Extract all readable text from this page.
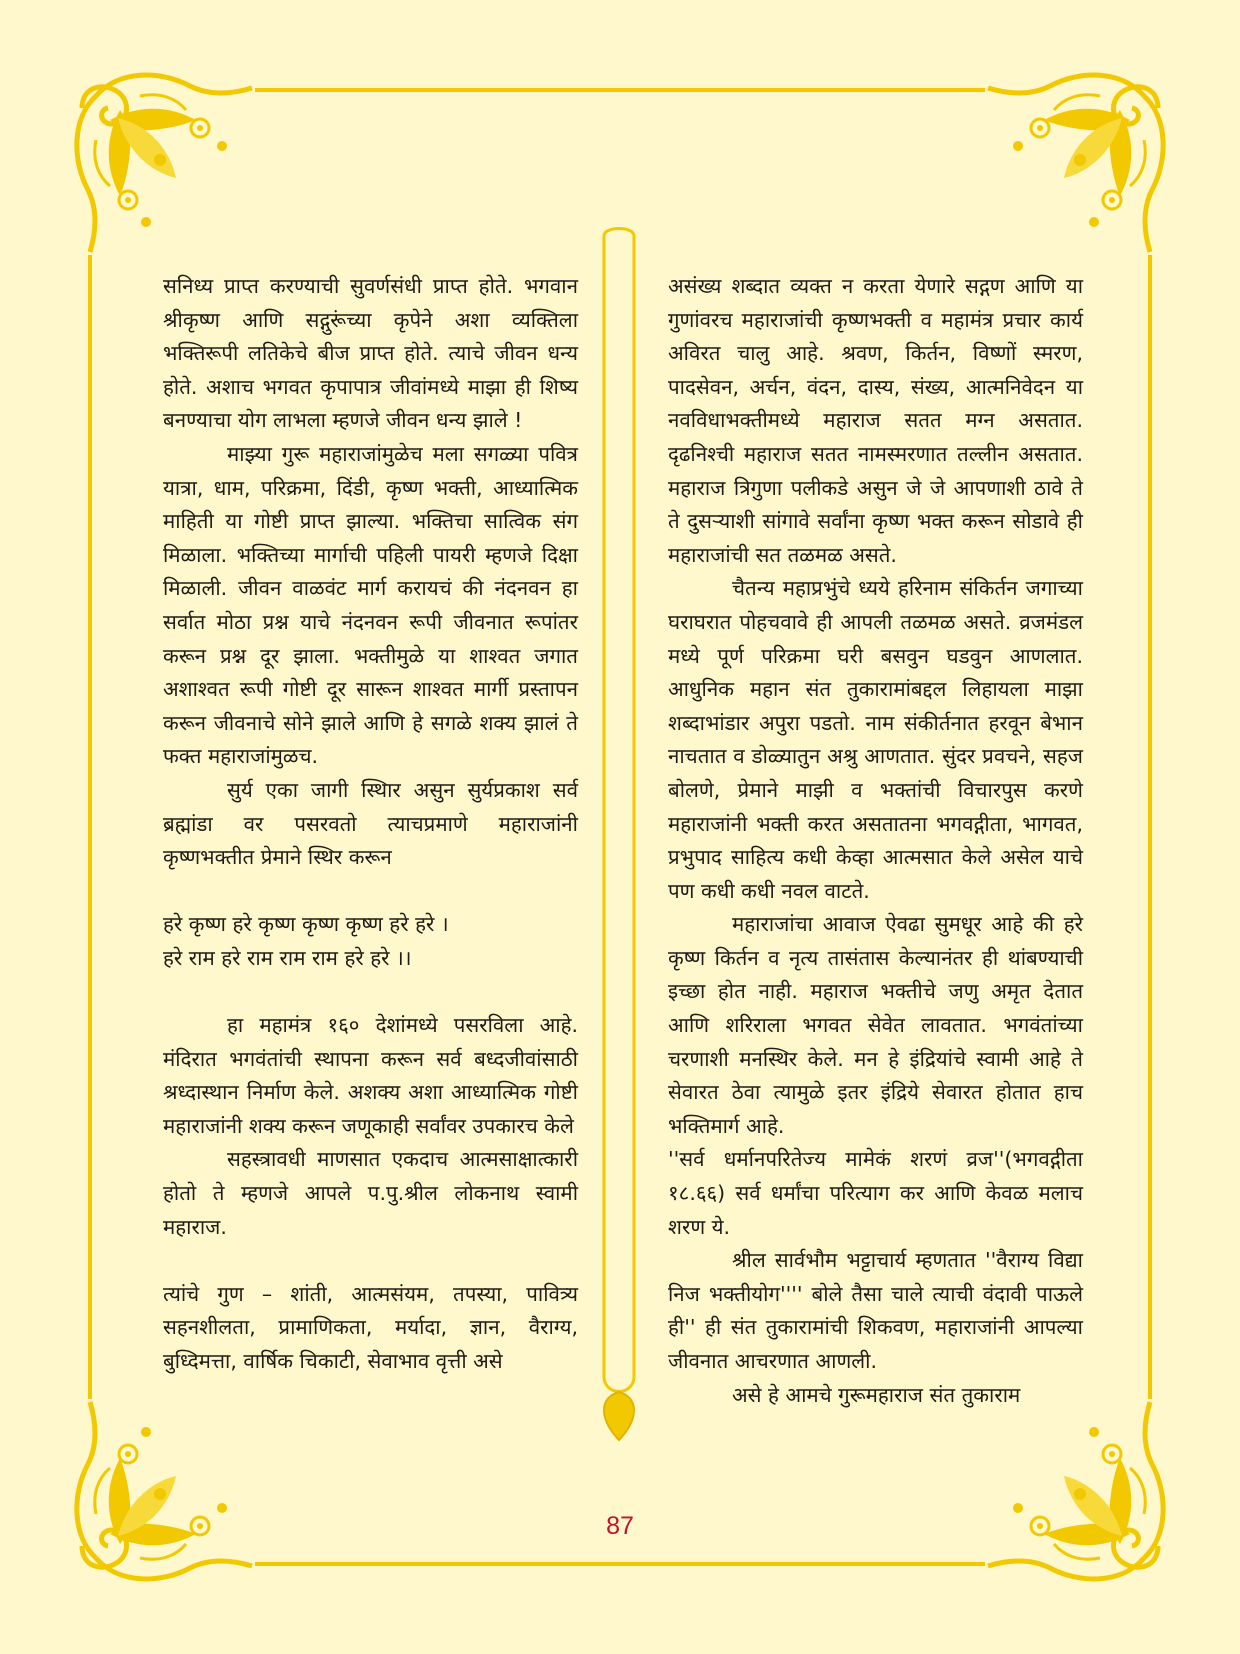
सनिध्य प्राप्त करण्याची सुवर्णसंधी प्राप्त होते. भगवान श्रीकृष्ण आणि सद्गुरूंच्या कृपेने अशा व्यक्तिला भक्तिरूपी लतिकेचे बीज प्राप्त होते. त्याचे जीवन धन्य होते. अशाच भगवत कृपापात्र जीवांमध्ये माझा ही शिष्य बनण्याचा योग लाभला म्हणजे जीवन धन्य झाले !

माझ्या गुरू महाराजांमुळेच मला सगळ्या पवित्र यात्रा, धाम, परिक्रमा, दिंडी, कृष्ण भक्ती, आध्यात्मिक माहिती या गोष्टी प्राप्त झाल्या. भक्तिचा सात्विक संग मिळाला. भक्तिच्या मार्गाची पहिली पायरी म्हणजे दिक्षा मिळाली. जीवन वाळवंट मार्ग करायचं की नंदनवन हा सर्वात मोठा प्रश्न याचे नंदनवन रूपी जीवनात रूपांतर करून प्रश्न दूर झाला. भक्तीमुळे या शाश्वत जगात अशाश्वत रूपी गोष्टी दूर सारून शाश्वत मार्गी प्रस्तापन करून जीवनाचे सोने झाले आणि हे सगळे शक्य झालं ते फक्त महाराजांमुळच.

सुर्य एका जागी स्थिार असुन सुर्यप्रकाश सर्व ब्रह्मांडा वर पसरवतो त्याचप्रमाणे महाराजांनी कृष्णभक्तीत प्रेमाने स्थिर करून

हरे कृष्ण हरे कृष्ण कृष्ण कृष्ण हरे हरे ।

हरे राम हरे राम राम राम हरे हरे ।।

हा महामंत्र १६० देशांमध्ये पसरविला आहे. मंदिरात भगवंतांची स्थापना करून सर्व बध्दजीवांसाठी श्रध्दास्थान निर्माण केले. अशक्य अशा आध्यात्मिक गोष्टी महाराजांनी शक्य करून जणूकाही सर्वांवर उपकारच केले

सहस्त्रावधी माणसात एकदाच आत्मसाक्षात्कारी होतो ते म्हणजे आपले प.पु.श्रील लोकनाथ स्वामी महाराज.

त्यांचे गुण – शांती, आत्मसंयम, तपस्या, पावित्र्य सहनशीलता, प्रामाणिकता, मर्यादा, ज्ञान, वैराग्य, बुध्दिमत्ता, वार्षिक चिकाटी, सेवाभाव वृत्ती असे

असंख्य शब्दात व्यक्त न करता येणारे सद्गण आणि या गुणांवरच महाराजांची कृष्णभक्ती व महामंत्र प्रचार कार्य अविरत चालु आहे. श्रवण, किर्तन, विष्णों स्मरण, पादसेवन, अर्चन, वंदन, दास्य, संख्य, आत्मनिवेदन या नवविधाभक्तीमध्ये महाराज सतत मग्न असतात. दृढनिश्ची महाराज सतत नामस्मरणात तल्लीन असतात. महाराज त्रिगुणा पलीकडे असुन जे जे आपणाशी ठावे ते ते दुसऱ्याशी सांगावे सर्वांना कृष्ण भक्त करून सोडावे ही महाराजांची सत तळमळ असते.

चैतन्य महाप्रभुंचे ध्यये हरिनाम संकिर्तन जगाच्या घराघरात पोहचवावे ही आपली तळमळ असते. व्रजमंडल मध्ये पूर्ण परिक्रमा घरी बसवुन घडवुन आणलात. आधुनिक महान संत तुकारामांबद्दल लिहायला माझा शब्दाभांडार अपुरा पडतो. नाम संकीर्तनात हरवून बेभान नाचतात व डोळ्यातुन अश्रु आणतात. सुंदर प्रवचने, सहज बोलणे, प्रेमाने माझी व भक्तांची विचारपुस करणे महाराजांनी भक्ती करत असतातना भगवद्गीता, भागवत, प्रभुपाद साहित्य कधी केव्हा आत्मसात केले असेल याचे पण कधी कधी नवल वाटते.

महाराजांचा आवाज ऐवढा सुमधूर आहे की हरे कृष्ण किर्तन व नृत्य तासंतास केल्यानंतर ही थांबण्याची इच्छा होत नाही. महाराज भक्तीचे जणु अमृत देतात आणि शरिराला भगवत सेवेत लावतात. भगवंतांच्या चरणाशी मनस्थिर केले. मन हे इंद्रियांचे स्वामी आहे ते सेवारत ठेवा त्यामुळे इतर इंद्रिये सेवारत होतात हाच भक्तिमार्ग आहे.

''सर्व धर्मानपरितेज्य मामेकं शरणं व्रज''(भगवद्गीता १८.६६) सर्व धर्मांचा परित्याग कर आणि केवळ मलाच शरण ये.

श्रील सार्वभौम भट्टाचार्य म्हणतात ''वैराग्य विद्या निज भक्तीयोग'''' बोले तैसा चाले त्याची वंदावी पाऊले ही'' ही संत तुकारामांची शिकवण, महाराजांनी आपल्या जीवनात आचरणात आणली.

असे हे आमचे गुरूमहाराज संत तुकाराम

87
